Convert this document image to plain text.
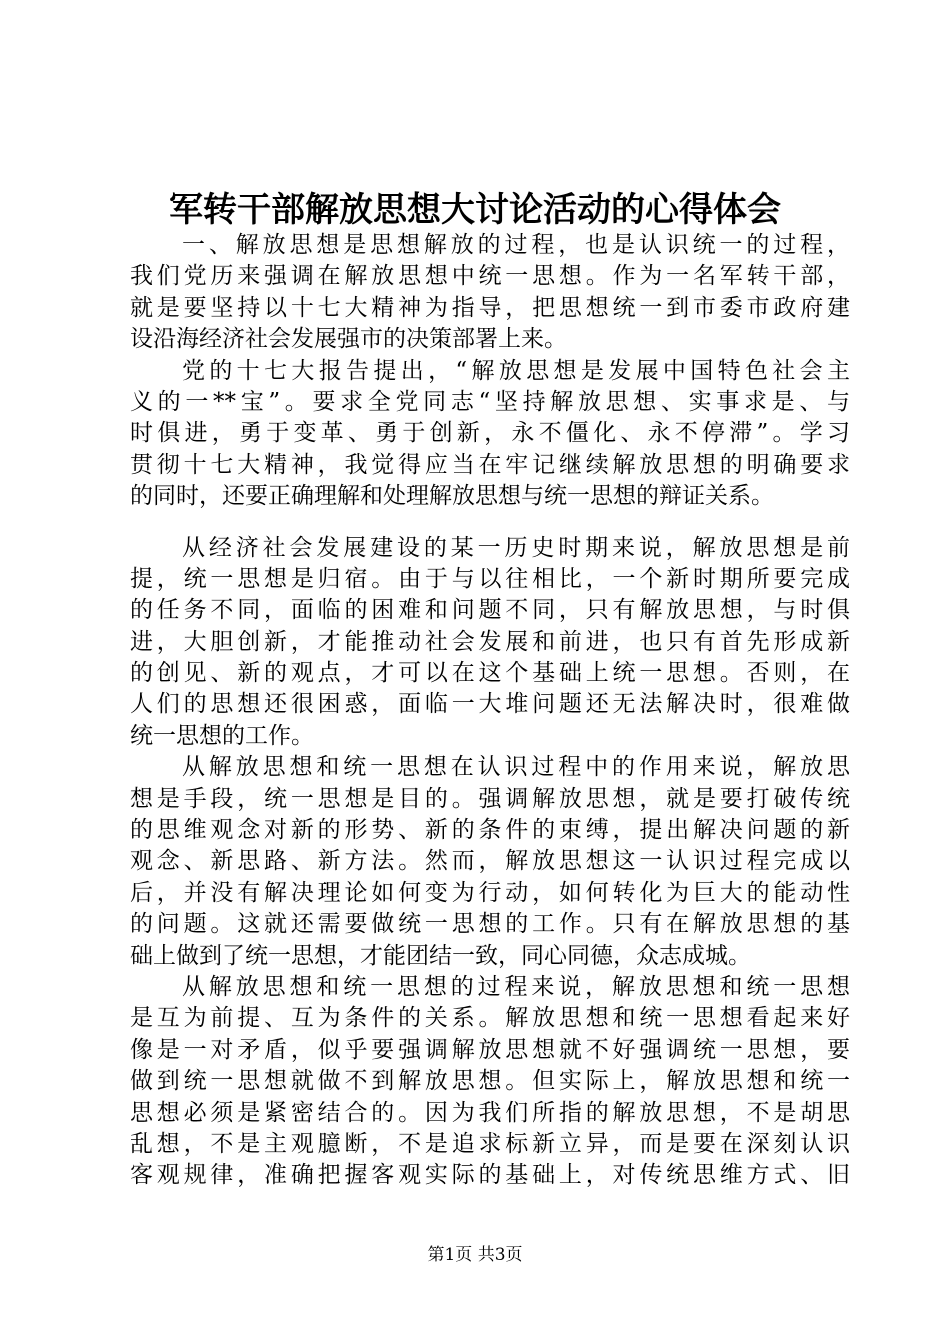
军转干部解放思想大讨论活动的心得体会
一、解放思想是思想解放的过程，也是认识统一的过程，
我们党历来强调在解放思想中统一思想。作为一名军转干部，
就是要坚持以十七大精神为指导，把思想统一到市委市政府建
设沿海经济社会发展强市的决策部署上来。
党的十七大报告提出，“解放思想是发展中国特色社会主
义的一**宝”。要求全党同志“坚持解放思想、实事求是、与
时俱进，勇于变革、勇于创新，永不僵化、永不停滞”。学习
贯彻十七大精神，我觉得应当在牢记继续解放思想的明确要求
的同时，还要正确理解和处理解放思想与统一思想的辩证关系。
从经济社会发展建设的某一历史时期来说，解放思想是前
提，统一思想是归宿。由于与以往相比，一个新时期所要完成
的任务不同，面临的困难和问题不同，只有解放思想，与时俱
进，大胆创新，才能推动社会发展和前进，也只有首先形成新
的创见、新的观点，才可以在这个基础上统一思想。否则，在
人们的思想还很困惑，面临一大堆问题还无法解决时，很难做
统一思想的工作。
从解放思想和统一思想在认识过程中的作用来说，解放思
想是手段，统一思想是目的。强调解放思想，就是要打破传统
的思维观念对新的形势、新的条件的束缚，提出解决问题的新
观念、新思路、新方法。然而，解放思想这一认识过程完成以
后，并没有解决理论如何变为行动，如何转化为巨大的能动性
的问题。这就还需要做统一思想的工作。只有在解放思想的基
础上做到了统一思想，才能团结一致，同心同德，众志成城。
从解放思想和统一思想的过程来说，解放思想和统一思想
是互为前提、互为条件的关系。解放思想和统一思想看起来好
像是一对矛盾，似乎要强调解放思想就不好强调统一思想，要
做到统一思想就做不到解放思想。但实际上，解放思想和统一
思想必须是紧密结合的。因为我们所指的解放思想，不是胡思
乱想，不是主观臆断，不是追求标新立异，而是要在深刻认识
客观规律，准确把握客观实际的基础上，对传统思维方式、旧
第1页 共3页
